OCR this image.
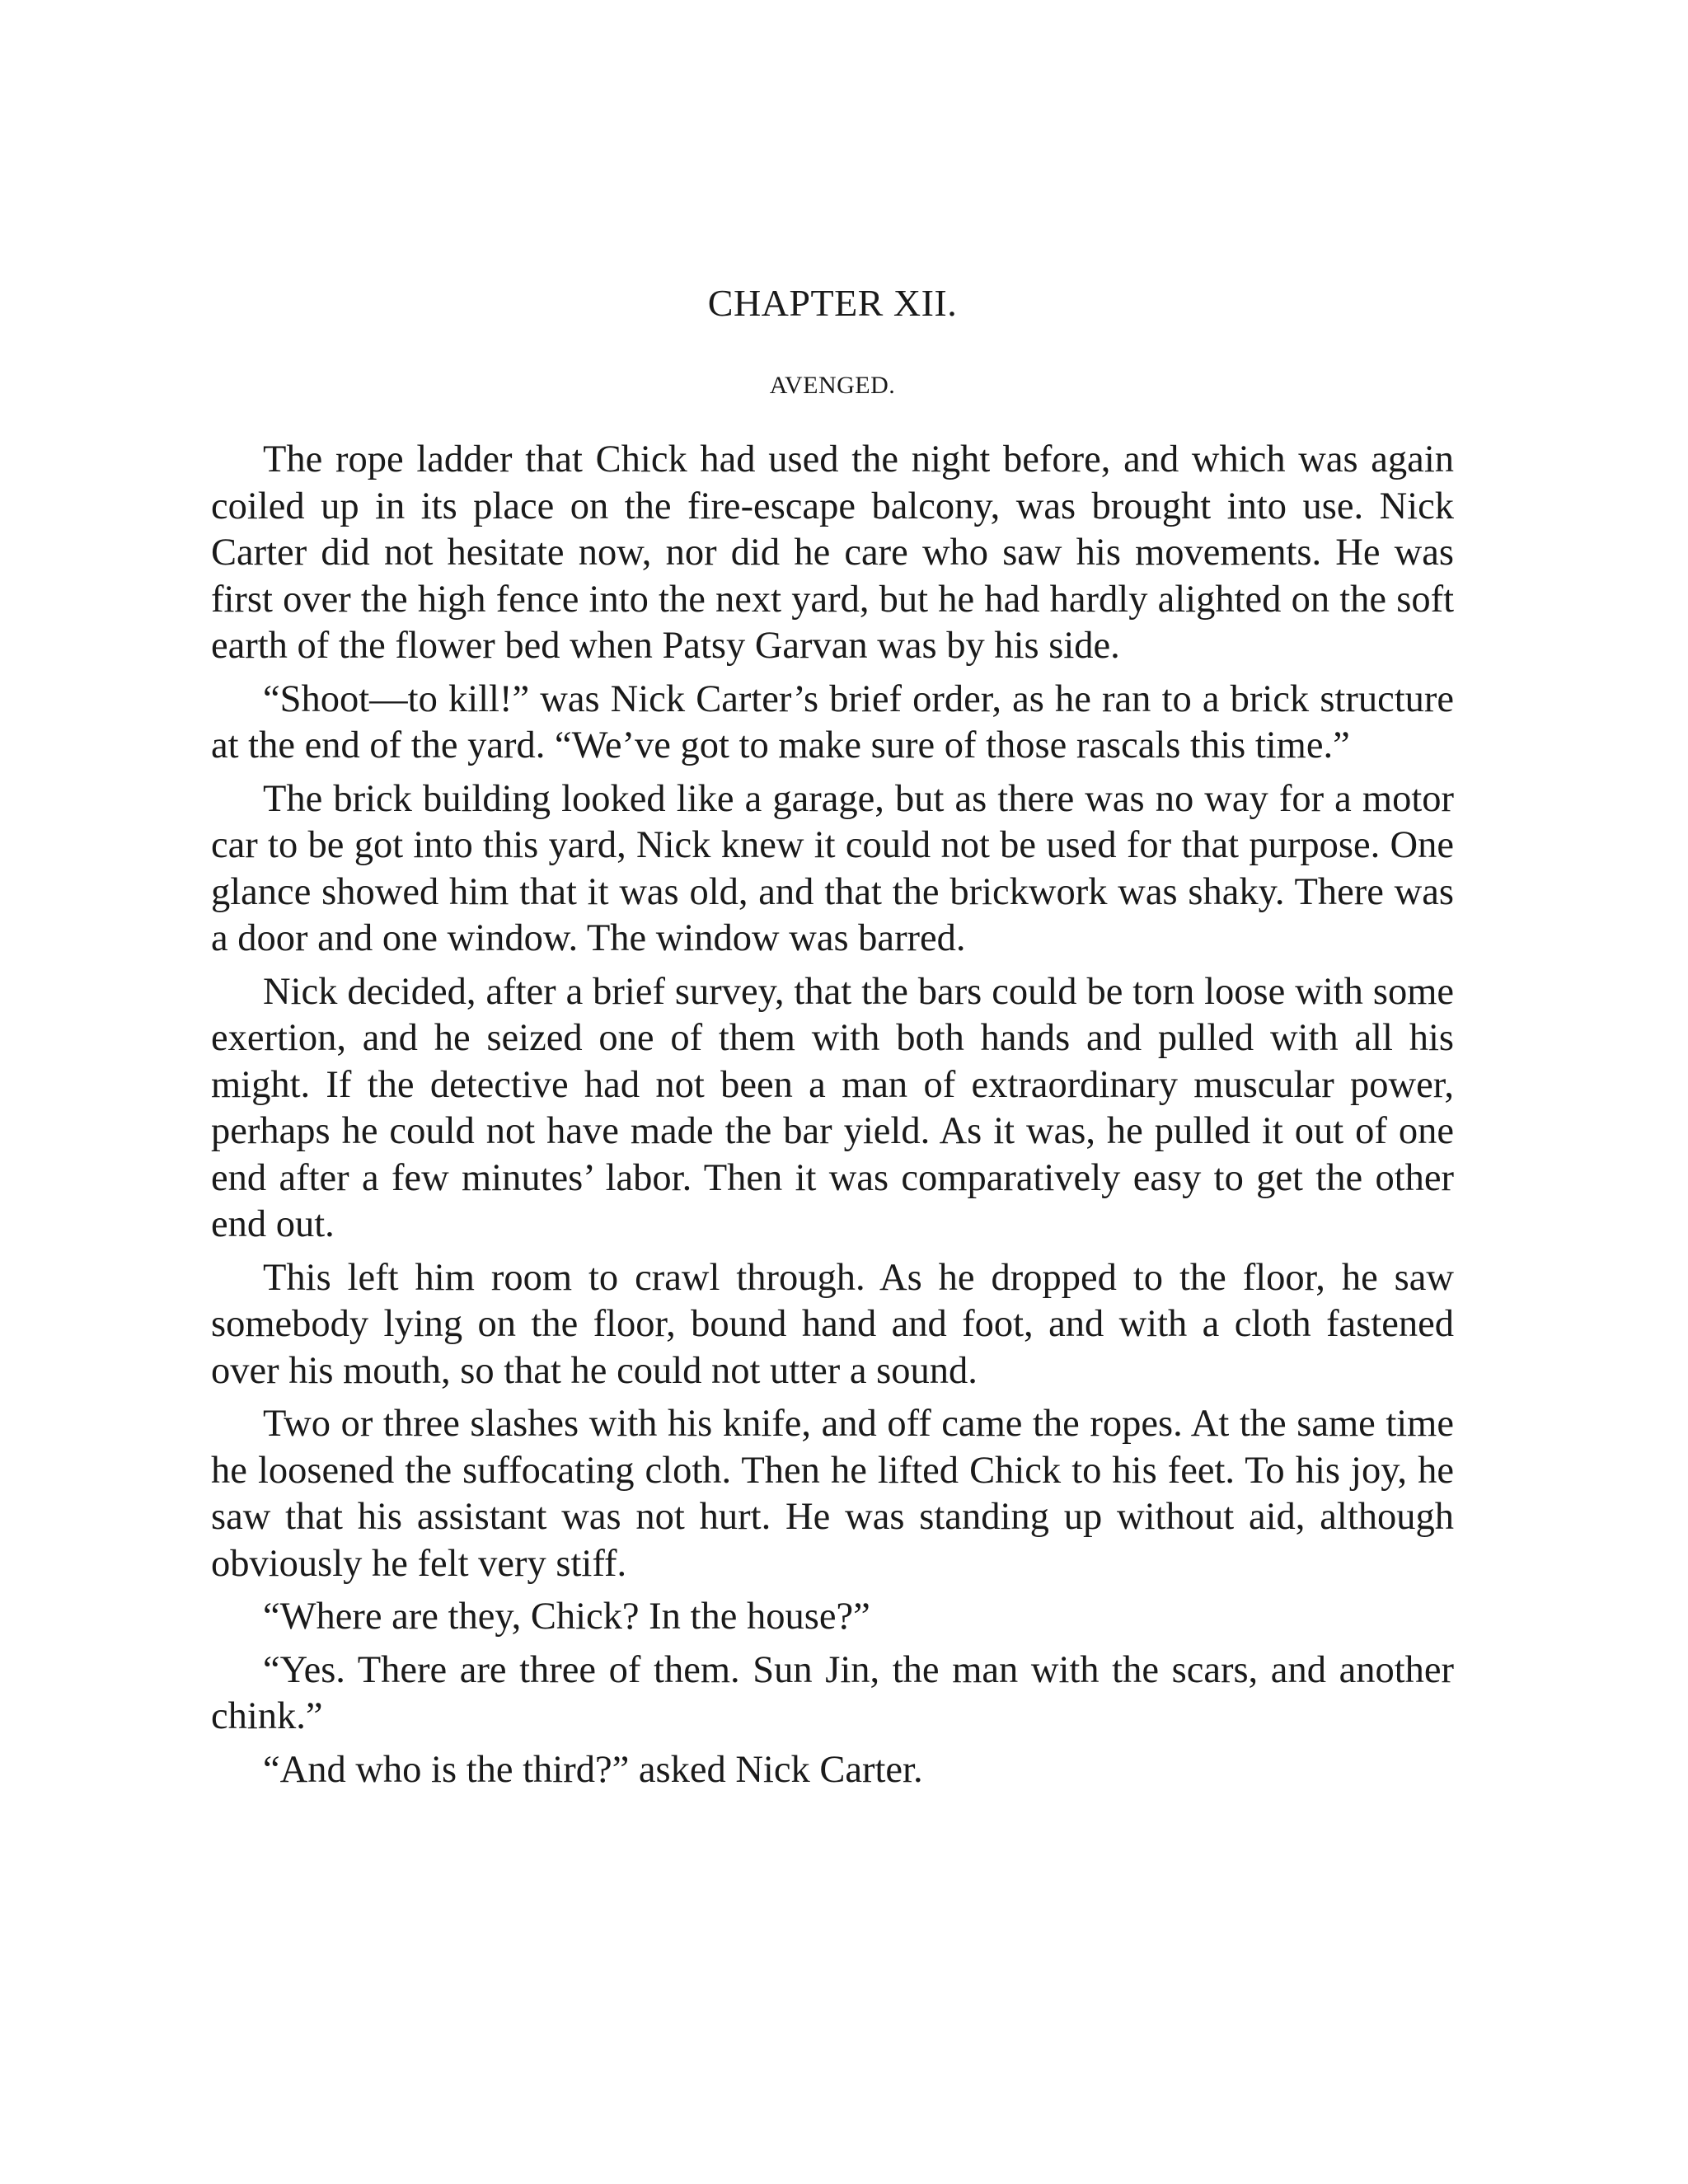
CHAPTER XII.
AVENGED.

The rope ladder that Chick had used the night before, and which was again coiled up in its place on the fire-escape balcony, was brought into use. Nick Carter did not hesitate now, nor did he care who saw his movements. He was first over the high fence into the next yard, but he had hardly alighted on the soft earth of the flower bed when Patsy Garvan was by his side.

“Shoot—to kill!” was Nick Carter’s brief order, as he ran to a brick structure at the end of the yard. “We’ve got to make sure of those rascals this time.”

The brick building looked like a garage, but as there was no way for a motor car to be got into this yard, Nick knew it could not be used for that purpose. One glance showed him that it was old, and that the brickwork was shaky. There was a door and one window. The window was barred.

Nick decided, after a brief survey, that the bars could be torn loose with some exertion, and he seized one of them with both hands and pulled with all his might. If the detective had not been a man of extraordinary muscular power, perhaps he could not have made the bar yield. As it was, he pulled it out of one end after a few minutes’ labor. Then it was comparatively easy to get the other end out.

This left him room to crawl through. As he dropped to the floor, he saw somebody lying on the floor, bound hand and foot, and with a cloth fastened over his mouth, so that he could not utter a sound.

Two or three slashes with his knife, and off came the ropes. At the same time he loosened the suffocating cloth. Then he lifted Chick to his feet. To his joy, he saw that his assistant was not hurt. He was standing up without aid, although obviously he felt very stiff.

“Where are they, Chick? In the house?”

“Yes. There are three of them. Sun Jin, the man with the scars, and another chink.”

“And who is the third?” asked Nick Carter.
